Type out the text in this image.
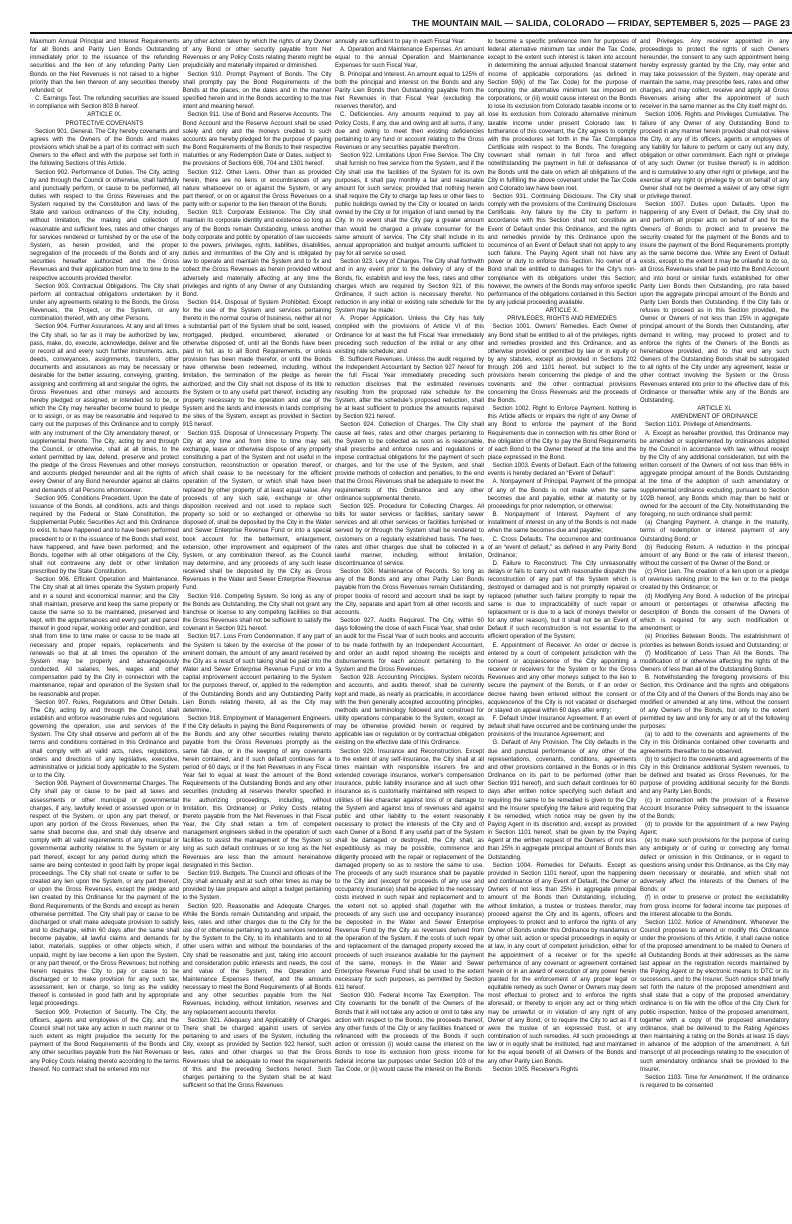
THE MOUNTAIN MAIL — SALIDA, COLORADO — FRIDAY, SEPTEMBER 5, 2025 — PAGE 23

Maximum Annual Principal and Interest Requirements for all Bonds and Parity Lien Bonds Outstanding immediately prior to the issuance of the refunding securities and the lien of any refunding Parity Lien Bonds on the Net Revenues is not raised to a higher priority than the lien thereon of any securities thereby refunded; or

C. Earnings Test. The refunding securities are issued in compliance with Section 803 B hereof.

ARTICLE IX.

PROTECTIVE COVENANTS

Section 901. General. The City hereby covenants and agrees with the Owners of the Bonds and makes provisions which shall be a part of its contract with such Owners to the effect and with the purpose set forth in the following Sections of this Article.

Section 902. Performance of Duties. The City, acting by and through the Council or otherwise, shall faithfully and punctually perform, or cause to be performed, all duties with respect to the Gross Revenues and the System required by the Constitution and laws of the State and various ordinances of the City, including, without limitation, the making and collection of reasonable and sufficient fees, rates and other charges for services rendered or furnished by or the use of the System, as herein provided, and the proper segregation of the proceeds of the Bonds and of any securities hereafter authorized and the Gross Revenues and their application from time to time to the respective accounts provided therefor.

Section 903. Contractual Obligations. The City shall perform all contractual obligations undertaken by it under any agreements relating to the Bonds, the Gross Revenues, the Project, or the System, or any combination thereof, with any other Persons.

Section 904. Further Assurances. At any and all times the City shall, so far as it may be authorized by law, pass, make, do, execute, acknowledge, deliver and file or record all and every such further instruments, acts, deeds, conveyances, assignments, transfers, other documents and assurances as may be necessary or desirable for the better assuring, conveying, granting, assigning and confirming all and singular the rights, the Gross Revenues and other moneys and accounts hereby pledged or assigned, or intended so to be, or which the City may hereafter become bound to pledge or to assign, or as may be reasonable and required to carry out the purposes of this Ordinance and to comply with any instrument of the City amendatory thereof, or supplemental thereto. The City, acting by and through the Council, or otherwise, shall at all times, to the extent permitted by law, defend, preserve and protect the pledge of the Gross Revenues and other moneys and accounts pledged hereunder and all the rights of every Owner of any Bond hereunder against all claims and demands of all Persons whomsoever.

Section 905. Conditions Precedent. Upon the date of issuance of the Bonds, all conditions, acts and things required by the Federal or State Constitution, the Supplemental Public Securities Act and this Ordinance to exist, to have happened and to have been performed precedent to or in the issuance of the Bonds shall exist, have happened, and have been performed; and the Bonds, together with all other obligations of the City, shall not contravene any debt or other limitation prescribed by the State Constitution.

Section 906. Efficient Operation and Maintenance. The City shall at all times operate the System properly and in a sound and economical manner; and the City shall maintain, preserve and keep the same properly or cause the same so to be maintained, preserved and kept, with the appurtenances and every part and parcel thereof in good repair, working order and condition, and shall from time to time make or cause to be made all necessary and proper repairs, replacements and renewals so that at all times the operation of the System may be properly and advantageously conducted. All salaries, fees, wages and other compensation paid by the City in connection with the maintenance, repair and operation of the System shall be reasonable and proper.

Section 907. Rules, Regulations and Other Details. The City, acting by and through the Council, shall establish and enforce reasonable rules and regulations governing the operation, use and services of the System. The City shall observe and perform all of the terms and conditions contained in this Ordinance and shall comply with all valid acts, rules, regulations, orders and directions of any legislative, executive, administrative or judicial body applicable to the System or to the City.

Section 908. Payment of Governmental Charges. The City shall pay or cause to be paid all taxes and assessments or other municipal or governmental charges, if any, lawfully levied or assessed upon or in respect of the System, or upon any part thereof, or upon any portion of the Gross Revenues, when the same shall become due, and shall duly observe and comply with all valid requirements of any municipal or governmental authority relative to the System or any part thereof, except for any period during which the same are being contested in good faith by proper legal proceedings. The City shall not create or suffer to be created any lien upon the System, or any part thereof, or upon the Gross Revenues, except the pledge and lien created by this Ordinance for the payment of the Bond Requirements of the Bonds and except as herein otherwise permitted. The City shall pay or cause to be discharged or shall make adequate provision to satisfy and to discharge, within 60 days after the same shall become payable, all lawful claims and demands for labor, materials, supplies or other objects which, if unpaid, might by law become a lien upon the System, or any part thereof, or the Gross Revenues; but nothing herein requires the City to pay or cause to be discharged or to make provision for any such tax, assessment, lien or charge, so long as the validity thereof is contested in good faith and by appropriate legal proceedings.

Section 909. Protection of Security. The City, the officers, agents and employees of the City, and the Council shall not take any action in such manner or to such extent as might prejudice the security for the payment of the Bond Requirements of the Bonds and any other securities payable from the Net Revenues or any Policy Costs relating thereto according to the terms thereof. No contract shall be entered into nor

any other action taken by which the rights of any Owner of any Bond or other security payable from Net Revenues or any Policy Costs relating thereto might be prejudicially and materially impaired or diminished.

Section 910. Prompt Payment of Bonds. The City shall promptly pay the Bond Requirements of the Bonds at the places, on the dates and in the manner specified herein and in the Bonds according to the true intent and meaning hereof.

Section 911. Use of Bond and Reserve Accounts. The Bond Account and the Reserve Account shall be used solely and only and the moneys credited to such accounts are hereby pledged for the purpose of paying the Bond Requirements of the Bonds to their respective maturities or any Redemption Date or Dates, subject to the provisions of Sections 606, 704 and 1301 hereof.

Section 912. Other Liens. Other than as provided herein, there are no liens or encumbrances of any nature whatsoever on or against the System, or any part thereof, or on or against the Gross Revenues on a parity with or superior to the lien thereon of the Bonds.

Section 913. Corporate Existence. The City shall maintain its corporate identity and existence so long as any of the Bonds remain Outstanding, unless another body corporate and politic by operation of law succeeds to the powers, privileges, rights, liabilities, disabilities, duties and immunities of the City and is obligated by law to operate and maintain the System and to fix and collect the Gross Revenues as herein provided without adversely and materially affecting at any time the privileges and rights of any Owner of any Outstanding Bond.

Section 914. Disposal of System Prohibited. Except for the use of the System and services pertaining thereto in the normal course of business, neither all nor a substantial part of the System shall be sold, leased, mortgaged, pledged, encumbered, alienated or otherwise disposed of, until all the Bonds have been paid in full, as to all Bond Requirements, or unless provision has been made therefor, or until the Bonds have otherwise been redeemed, including, without limitation, the termination of the pledge as herein authorized; and the City shall not dispose of its title to the System or to any useful part thereof, including any property necessary to the operation and use of the System and the lands and interests in lands comprising the sites of the System, except as provided in Section 915 hereof.

Section 915. Disposal of Unnecessary Property. The City at any time and from time to time may sell, exchange, lease or otherwise dispose of any property constituting a part of the System and not useful in the construction, reconstruction or operation thereof, or which shall cease to be necessary for the efficient operation of the System, or which shall have been replaced by other property of at least equal value. Any proceeds of any such sale, exchange or other disposition received and not used to replace such property so sold or so exchanged or otherwise so disposed of, shall be deposited by the City in the Water and Sewer Enterprise Revenue Fund or into a special book account for the betterment, enlargement, extension, other improvement and equipment of the System, or any combination thereof, as the Council may determine, and any proceeds of any such lease received shall be deposited by the City as Gross Revenues in the Water and Sewer Enterprise Revenue Fund.

Section 916. Competing System. So long as any of the Bonds are Outstanding, the City shall not grant any franchise or license to any competing facilities so that the Gross Revenues shall not be sufficient to satisfy the covenant in Section 921 hereof.

Section 917. Loss From Condemnation. If any part of the System is taken by the exercise of the power of eminent domain, the amount of any award received by the City as a result of such taking shall be paid into the Water and Sewer Enterprise Revenue Fund or into a capital improvement account pertaining to the System for the purposes thereof, or, applied to the redemption of the Outstanding Bonds and any Outstanding Parity Lien Bonds relating thereto, all as the City may determine.

Section 918. Employment of Management Engineers. If the City defaults in paying the Bond Requirements of the Bonds and any other securities relating thereto payable from the Gross Revenues promptly as the same fall due, or in the keeping of any covenants herein contained, and if such default continues for a period of 60 days, or if the Net Revenues in any Fiscal Year fail to equal at least the amount of the Bond Requirements of the Outstanding Bonds and any other securities (including all reserves therefor specified in the authorizing proceedings, including, without limitation, this Ordinance) or Policy Costs relating thereto payable from the Net Revenues in that Fiscal Year, the City shall retain a firm of competent management engineers skilled in the operation of such facilities to assist the management of the System so long as such default continues or so long as the Net Revenues are less than the amount hereinabove designated in this Section.

Section 919. Budgets. The Council and officials of the City shall annually and at such other times as may be provided by law prepare and adopt a budget pertaining to the System.

Section 920. Reasonable and Adequate Charges. While the Bonds remain Outstanding and unpaid, the fees, rates and other charges due to the City for the use of or otherwise pertaining to and services rendered by the System to the City, to its inhabitants and to all other users within and without the boundaries of the City shall be reasonable and just, taking into account and consideration public interests and needs, the cost and value of the System, the Operation and Maintenance Expenses thereof, and the amounts necessary to meet the Bond Requirements of all Bonds and any other securities payable from the Net Revenues, including, without limitation, reserves and any replacement accounts therefor.

Section 921. Adequacy and Applicability of Charges. There shall be charged against users of service pertaining to and users of the System, including the City, except as provided by Section 922 hereof, such fees, rates and other charges so that the Gross Revenues shall be adequate to meet the requirements of this and the preceding Sections hereof. Such charges pertaining to the System shall be at least sufficient so that the Gross Revenues

annually are sufficient to pay in each Fiscal Year:

A. Operation and Maintenance Expenses. An amount equal to the annual Operation and Maintenance Expenses for such Fiscal Year,

B. Principal and Interest. An amount equal to 125% of both the principal and interest on the Bonds and any Parity Lien Bonds then Outstanding payable from the Net Revenues in that Fiscal Year (excluding the reserves therefor), and

C. Deficiencies. Any amounts required to pay all Policy Costs, if any, due and owing and all sums, if any, due and owing to meet then existing deficiencies pertaining to any fund or account relating to the Gross Revenues or any securities payable therefrom.

Section 922. Limitations Upon Free Service. The City shall furnish no free service from the System, and if the City shall use the facilities of the System for its own purposes, it shall pay monthly a fair and reasonable amount for such service; provided that nothing herein shall require the City to charge tap fees or other fees to public buildings owned by the City or located on lands owned by the City or for irrigation of land owned by the City. In no event shall the City pay a greater amount than would be charged a private consumer for the same amount of service. The City shall include in its annual appropriation and budget amounts sufficient to pay for all service so used.

Section 923. Levy of Charges. The City shall forthwith and in any event prior to the delivery of any of the Bonds, fix, establish and levy the fees, rates and other charges which are required by Section 921 of this Ordinance, if such action is necessary therefor. No reduction in any initial or existing rate schedule for the System may be made:

A. Proper Application. Unless the City has fully complied with the provisions of Article VI of this Ordinance for at least the full Fiscal Year immediately preceding such reduction of the initial or any other existing rate schedule; and

B. Sufficient Revenues. Unless the audit required by the Independent Accountant by Section 927 hereof for the full Fiscal Year immediately preceding such reduction discloses that the estimated revenues resulting from the proposed rate schedule for the System, after the schedule's proposed reduction, shall be at least sufficient to produce the amounts required by Section 921 hereof.

Section 924. Collection of Charges. The City shall cause all fees, rates and other charges pertaining to the System to be collected as soon as is reasonable, shall prescribe and enforce rules and regulations or impose contractual obligations for the payment of such charges, and for the use of the System, and shall provide methods of collection and penalties, to the end that the Gross Revenues shall be adequate to meet the requirements of this Ordinance and any other ordinance supplemental thereto.

Section 925. Procedure for Collecting Charges. All bills for water services or facilities, sanitary sewer services and all other services or facilities furnished or served by or through the System shall be rendered to customers on a regularly established basis. The fees, rates and other charges due shall be collected in a lawful manner, including, without limitation, discontinuance of service.

Section 926. Maintenance of Records. So long as any of the Bonds and any other Parity Lien Bonds payable from the Gross Revenues remain Outstanding, proper books of record and account shall be kept by the City, separate and apart from all other records and accounts.

Section 927. Audits Required. The City, within 60 days following the close of each Fiscal Year, shall order an audit for the Fiscal Year of such books and accounts to be made forthwith by an Independent Accountant, and order an audit report showing the receipts and disbursements for each account pertaining to the System and the Gross Revenues.

Section 928. Accounting Principles. System records and accounts, and audits thereof, shall be currently kept and made, as nearly as practicable, in accordance with the then generally accepted accounting principles, methods and terminology followed and construed for utility operations comparable to the System, except as may be otherwise provided herein or required by applicable law or regulation or by contractual obligation existing on the effective date of this Ordinance.

Section 929. Insurance and Reconstruction. Except to the extent of any self-insurance, the City shall at all times maintain with responsible insurers fire and extended coverage insurance, worker's compensation insurance, public liability insurance and all such other insurance as is customarily maintained with respect to utilities of like character against loss of or damage to the System and against loss of revenues and against public and other liability to the extent reasonably necessary to protect the interests of the City and of each Owner of a Bond. If any useful part of the System shall be damaged or destroyed, the City shall, as expeditiously as may be possible, commence and diligently proceed with the repair or replacement of the damaged property so as to restore the same to use. The proceeds of any such insurance shall be payable to the City and (except for proceeds of any use and occupancy insurance) shall be applied to the necessary costs involved in such repair and replacement and to the extent not so applied shall (together with the proceeds of any such use and occupancy insurance) be deposited in the Water and Sewer Enterprise Revenue Fund by the City as revenues derived from the operation of the System. If the costs of such repair and replacement of the damaged property exceed the proceeds of such insurance available for the payment of the same, moneys in the Water and Sewer Enterprise Revenue Fund shall be used to the extent necessary for such purposes, as permitted by Section 611 hereof.

Section 930. Federal Income Tax Exemption. The City covenants for the benefit of the Owners of the Bonds that it will not take any action or omit to take any action with respect to the Bonds, the proceeds thereof, any other funds of the City or any facilities financed or refinanced with the proceeds of the Bonds if such action or omission (i) would cause the interest on the Bonds to lose its exclusion from gross income for federal income tax purposes under Section 103 of the Tax Code, or (ii) would cause the interest on the Bonds

to become a specific preference item for purposes of federal alternative minimum tax under the Tax Code, except to the extent such interest is taken into account in determining the annual adjusted financial statement income of applicable corporations (as defined in Section 59(k) of the Tax Code) for the purpose of computing the alternative minimum tax imposed on corporations, or (iii) would cause interest on the Bonds to lose its exclusion from Colorado taxable income or to lose its exclusion from Colorado alternative minimum taxable income under present Colorado law. In furtherance of this covenant, the City agrees to comply with the procedures set forth in the Tax Compliance Certificate with respect to the Bonds. The foregoing covenant shall remain in full force and effect notwithstanding the payment in full or defeasance of the Bonds until the date on which all obligations of the City in fulfilling the above covenant under the Tax Code and Colorado law have been met.

Section 931. Continuing Disclosure. The City shall comply with the provisions of the Continuing Disclosure Certificate. Any failure by the City to perform in accordance with this Section shall not constitute an Event of Default under this Ordinance, and the rights and remedies provide by this Ordinance upon the occurrence of an Event of Default shall not apply to any such failure. The Paying Agent shall not have any power or duty to enforce this Section. No owner of a Bond shall be entitled to damages for the City's non-compliance with its obligations under this Section; however, the owners of the Bonds may enforce specific performance of the obligations contained in this Section by any judicial proceeding available.

ARTICLE X.

PRIVILEGES, RIGHTS AND REMEDIES

Section 1001. Owners' Remedies. Each Owner of any Bond shall be entitled to all of the privileges, rights and remedies provided and this Ordinance, and as otherwise provided or permitted by law or in equity or by any statutes, except as provided in Sections 202 through 206 and 1101 hereof, but subject to the provisions herein concerning the pledge of and the covenants and the other contractual provisions concerning the Gross Revenues and the proceeds of the Bonds.

Section 1002. Right to Enforce Payment. Nothing in this Article affects or impairs the right of any Owner of any Bond to enforce the payment of the Bond Requirements due in connection with his other Bond or the obligation of the City to pay the Bond Requirements of each Bond to the Owner thereof at the time and the place expressed in the Bond.

Section 1003. Events of Default. Each of the following events is hereby declared an “Event of Default”:

A. Nonpayment of Principal. Payment of the principal of any of the Bonds is not made when the same becomes due and payable, either at maturity or by proceedings for prior redemption, or otherwise;

B. Nonpayment of Interest. Payment of any installment of interest on any of the Bonds is not made when the same becomes due and payable;

C. Cross Defaults. The occurrence and continuance of an “event of default,” as defined in any Parity Bond Ordinance;

D. Failure to Reconstruct. The City unreasonably delays or fails to carry out with reasonable dispatch the reconstruction of any part of the System which is destroyed or damaged and is not promptly repaired or replaced (whether such failure promptly to repair the same is due to impracticability of such repair or replacement or is due to a lack of moneys therefor or for any other reason), but it shall not be an Event of Default if such reconstruction is not essential to the efficient operation of the System;

E. Appointment of Receiver. An order or decree is entered by a court of competent jurisdiction with the consent or acquiescence of the City appointing a receiver or receivers for the System or for the Gross Revenues and any other moneys subject to the lien to secure the payment of the Bonds, or if an order or decree having been entered without the consent or acquiescence of the City is not vacated or discharged or stayed on appeal within 60 days after entry;

F. Default Under Insurance Agreement. If an event of default shall have occurred and be continuing under the provisions of the Insurance Agreement; and

G. Default of Any Provision. The City defaults in the due and punctual performance of any other of the representations, covenants, conditions, agreements and other provisions contained in the Bonds or in this Ordinance on its part to be performed (other than Section 931 hereof), and such default continues for 60 days after written notice specifying such default and requiring the same to be remedied is given to the City and the Insurer specifying the failure and requiring that it be remedied, which notice may be given by the Paying Agent in its discretion and, except as provided in Section 1101 hereof, shall be given by the Paying Agent at the written request of the Owners of not less than 25% in aggregate principal amount of Bonds then Outstanding.

Section 1004. Remedies for Defaults. Except as provided in Section 1101 hereof, upon the happening and continuance of any Event of Default, the Owner or Owners of not less than 25% in aggregate principal amount of the Bonds then Outstanding, including, without limitation, a trustee or trustees therefor, may proceed against the City and its agents, officers and employees to protect and to enforce the rights of any Owner of Bonds under this Ordinance by mandamus or by other suit, action or special proceedings in equity or at law, in any court of competent jurisdiction, either for the appointment of a receiver or for the specific performance of any covenant or agreement contained herein or in an award of execution of any power herein granted for the enforcement of any proper legal or equitable remedy as such Owner or Owners may deem most effectual to protect and to enforce the rights aforesaid, or thereby to enjoin any act or thing which may be unlawful or in violation of any right of any Owner of any Bond, or to require the City to act as if it were the trustee of an expressed trust, or any combination of such remedies. All such proceedings at law or in equity shall be instituted, had and maintained for the equal benefit of all Owners of the Bonds and any other Parity Lien Bonds.

Section 1005. Receiver's Rights

and Privileges. Any receiver appointed in any proceedings to protect the rights of such Owners hereunder, the consent to any such appointment being hereby expressly granted by the City, may enter and may take possession of the System, may operate and maintain the same, may prescribe fees, rates and other charges, and may collect, receive and apply all Gross Revenues arising after the appointment of such receiver in the same manner as the City itself might do.

Section 1006. Rights and Privileges Cumulative. The failure of any Owner of any Outstanding Bond to proceed in any manner herein provided shall not relieve the City, or any of its officers, agents or employees of any liability for failure to perform or carry out any duty, obligation or other commitment. Each right or privilege of any such Owner (or trustee thereof) is in addition and is cumulative to any other right or privilege, and the exercise of any right or privilege by or on behalf of any Owner shall not be deemed a waiver of any other right or privilege thereof.

Section 1007. Duties upon Defaults. Upon the happening of any Event of Default, the City shall do and perform all proper acts on behalf of and for the Owners of Bonds to protect and to preserve the security created for the payment of the Bonds and to insure the payment of the Bond Requirements promptly as the same become due. While any Event of Default exists, except to the extent it may be unlawful to do so, all Gross Revenues shall be paid into the Bond Account and into bond or similar funds established for other Parity Lien Bonds then Outstanding, pro rata based upon the aggregate principal amount of the Bonds and Parity Lien Bonds then Outstanding. If the City fails or refuses to proceed as in this Section provided, the Owner or Owners of not less than 25% in aggregate principal amount of the Bonds then Outstanding, after demand in writing, may proceed to protect and to enforce the rights of the Owners of the Bonds as hereinabove provided, and to that end any such Owners of the Outstanding Bonds shall be subrogated to all rights of the City under any agreement, lease or other contract involving the System or the Gross Revenues entered into prior to the effective date of this Ordinance or thereafter while any of the Bonds are Outstanding.

ARTICLE XI.

AMENDMENT OF ORDINANCE

Section 1101. Privilege of Amendments.

A. Except as hereafter provided, this Ordinance may be amended or supplemented by ordinances adopted by the Council in accordance with law, without receipt by the City of any additional consideration, but with the written consent of the Owners of not less than 66% in aggregate principal amount of the Bonds Outstanding at the time of the adoption of such amendatory or supplemental ordinance excluding, pursuant to Section 102B hereof, any Bonds which may then be held or owned for the account of the City. Notwithstanding the foregoing, no such ordinance shall permit:

(a) Changing Payment. A change in the maturity, terms of redemption or interest payment of any Outstanding Bond; or

(b) Reducing Return. A reduction in the principal amount of any Bond or the rate of interest thereon, without the consent of the Owner of the Bond; or

(c) Prior Lien. The creation of a lien upon or a pledge of revenues ranking prior to the lien or to the pledge created by this Ordinance; or

(d) Modifying Any Bond. A reduction of the principal amount or percentages or otherwise affecting the description of Bonds the consent of the Owners of which is required for any such modification or amendment; or

(e) Priorities Between Bonds. The establishment of priorities as between Bonds issued and Outstanding; or

(f) Modification of Less Than All the Bonds. The modification of or otherwise affecting the rights of the Owners of less than all of the Outstanding Bonds.

B. Notwithstanding the foregoing provisions of this Section, this Ordinance and the rights and obligations of the City and of the Owners of the Bonds may also be modified or amended at any time, without the consent of any Owners of the Bonds, but only to the extent permitted by law and only for any or all of the following purposes:

(a) to add to the covenants and agreements of the City in this Ordinance contained other covenants and agreements thereafter to be observed;

(b) to subject to the covenants and agreements of the City in this Ordinance additional System revenues, to be defined and treated as Gross Revenues, for the purpose of providing additional security for the Bonds and any Parity Lien Bonds;

(c) in connection with the provision of a Reserve Account Insurance Policy subsequent to the issuance of the Bonds;

(d) to provide for the appointment of a new Paying Agent;

(e) to make such provisions for the purpose of curing any ambiguity or of curing or correcting any formal defect or omission in this Ordinance, or in regard to questions arising under this Ordinance, as the City may deem necessary or desirable, and which shall not adversely affect the interests of the Owners of the Bonds; or

(f) in order to preserve or protect the excludability from gross income for federal income tax purposes of the interest allocable to the Bonds.

Section 1102. Notice of Amendment. Whenever the Council proposes to amend or modify this Ordinance under the provisions of this Article, it shall cause notice of the proposed amendment to be mailed to Owners of all Outstanding Bonds at their addresses as the same last appear on the registration records maintained by the Paying Agent or by electronic means to DTC or its successors, and to the Insurer. Such notice shall briefly set forth the nature of the proposed amendment and shall state that a copy of the proposed amendatory ordinance is on file with the office of the City Clerk for public inspection. Notice of the proposed amendment, together with a copy of the proposed amendatory ordinance, shall be delivered to the Rating Agencies then maintaining a rating on the Bonds at least 15 days in advance of the adoption of the amendment. A full transcript of all proceedings relating to the execution of such amendatory ordinance shall be provided to the Insurer.

Section 1103. Time for Amendment. If the ordinance is required to be consented
